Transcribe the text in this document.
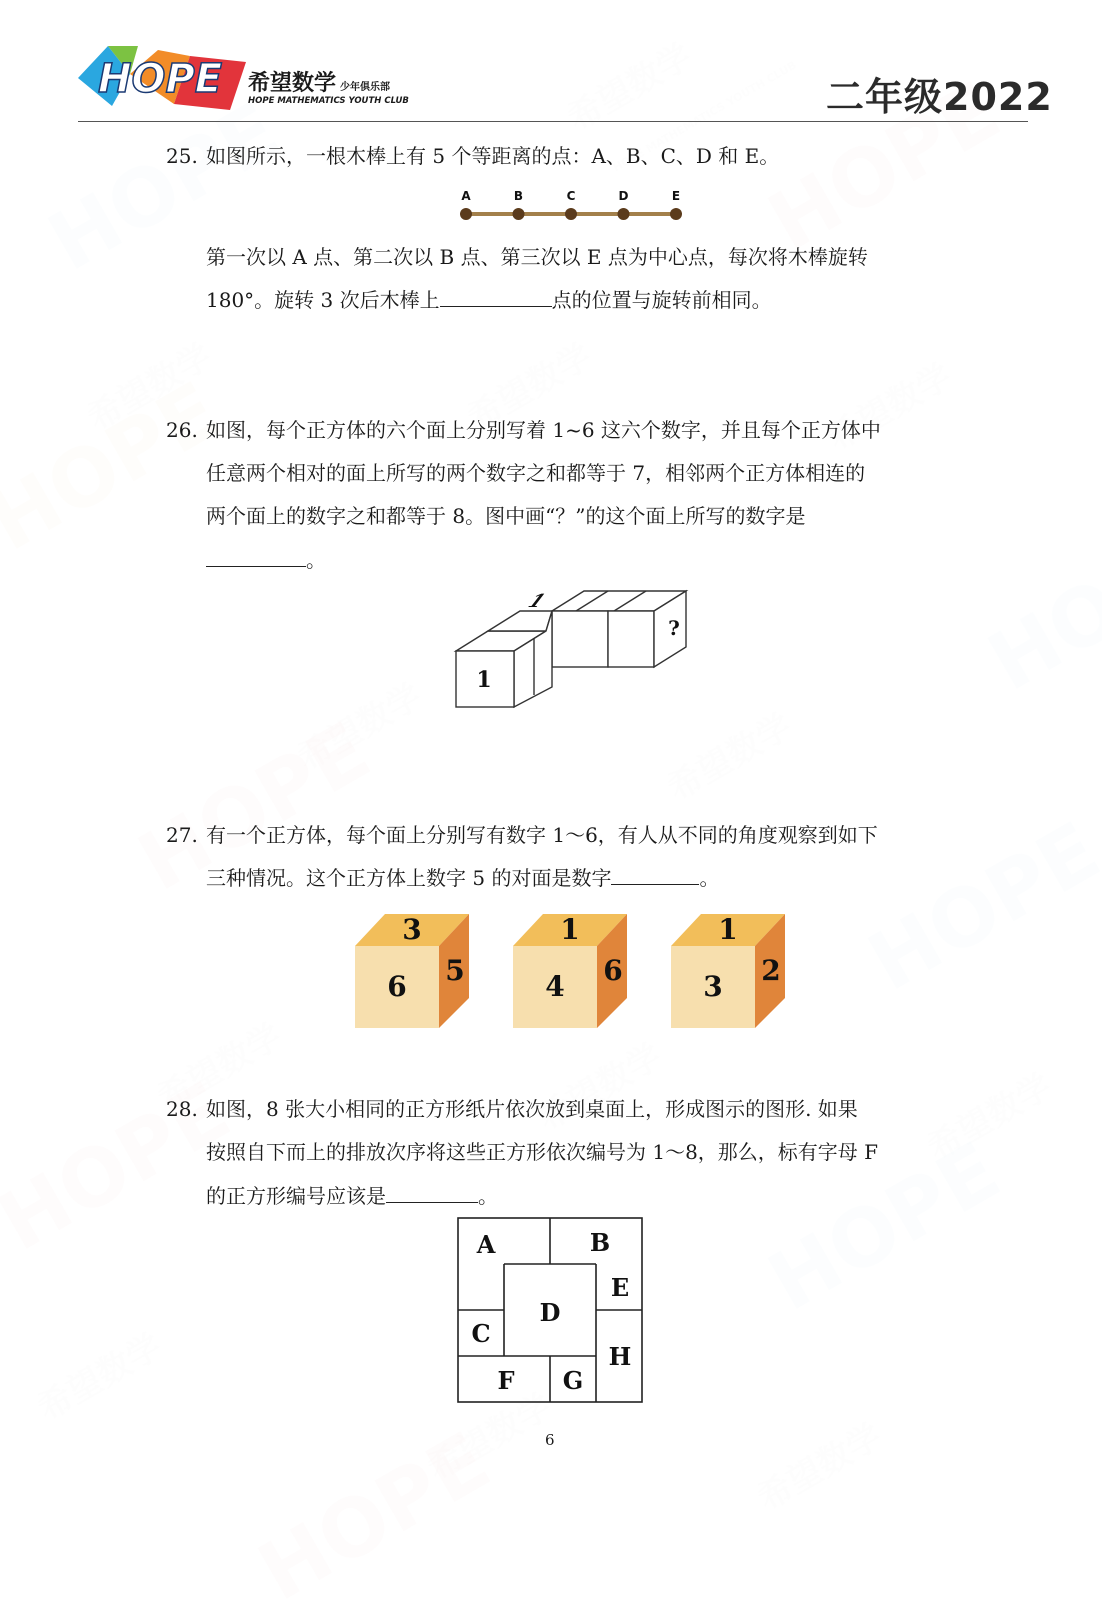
HOPE 希望数学 少年俱乐部
HOPE MATHEMATICS YOUTH CLUB	二年级2022
25. 如图所示，一根木棒上有 5 个等距离的点：A、B、C、D 和 E。
A	B	C	D	E
第一次以 A 点、第二次以 B 点、第三次以 E 点为中心点，每次将木棒旋转
180°。旋转 3 次后木棒上	点的位置与旋转前相同。
26. 如图，每个正方体的六个面上分别写着 1~6 这六个数字，并且每个正方体中
任意两个相对的面上所写的两个数字之和都等于 7，相邻两个正方体相连的
两个面上的数字之和都等于 8。图中画“？”的这个面上所写的数字是
。
1
1
?
27. 有一个正方体，每个面上分别写有数字 1～6，有人从不同的角度观察到如下
三种情况。这个正方体上数字 5 的对面是数字	。
3
6 5
1
4 6
1
3 2
28. 如图，8 张大小相同的正方形纸片依次放到桌面上，形成图示的图形. 如果
按照自下而上的排放次序将这些正方形依次编号为 1～8，那么，标有字母 F
的正方形编号应该是	。
A	B
C
D
E
F G
H
6
